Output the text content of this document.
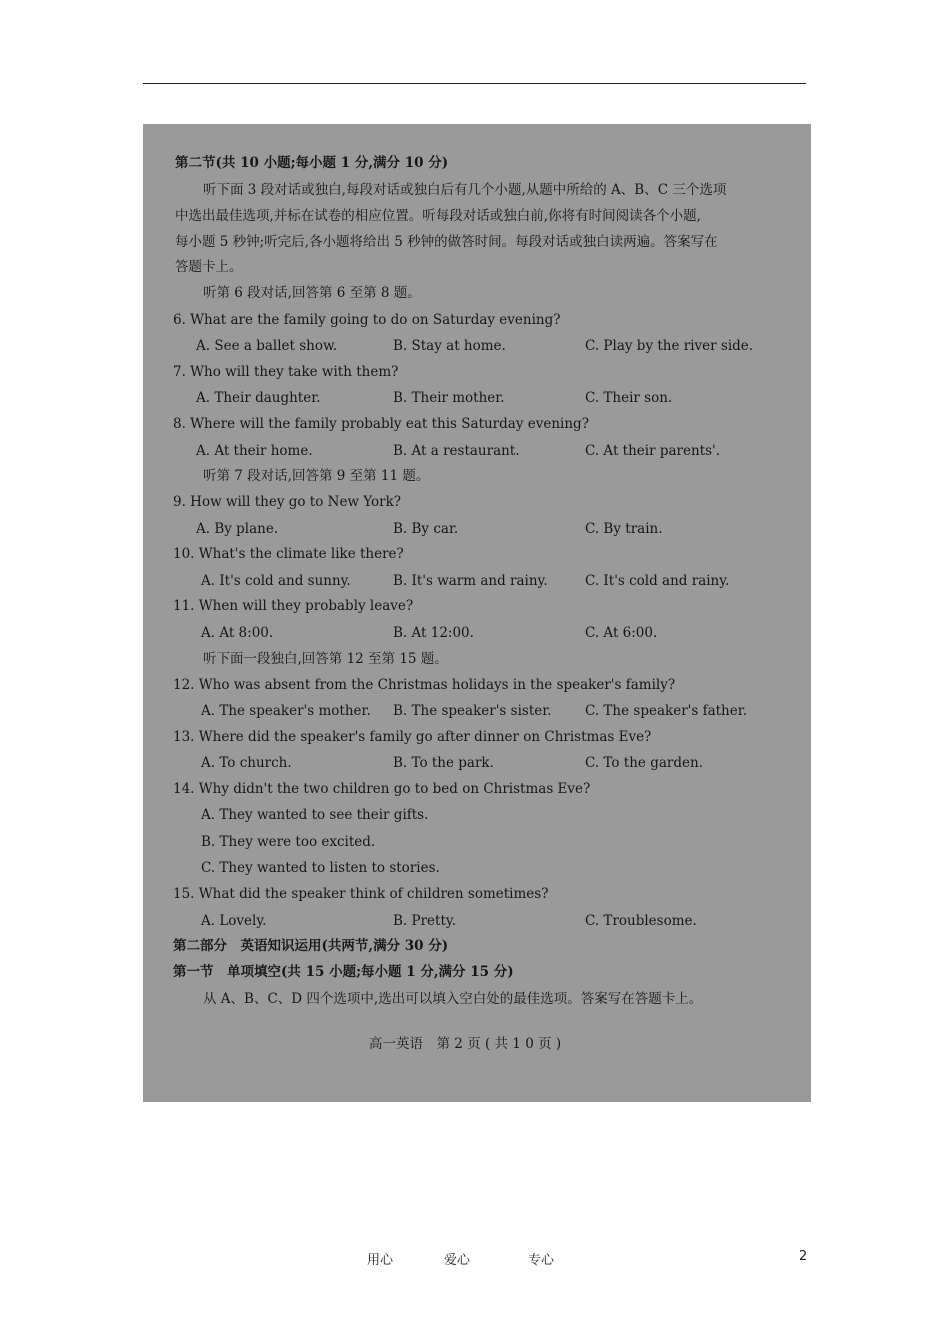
第二节(共 10 小题;每小题 1 分,满分 10 分)
听下面 3 段对话或独白,每段对话或独白后有几个小题,从题中所给的 A、B、C 三个选项
中选出最佳选项,并标在试卷的相应位置。听每段对话或独白前,你将有时间阅读各个小题,
每小题 5 秒钟;听完后,各小题将给出 5 秒钟的做答时间。每段对话或独白读两遍。答案写在
答题卡上。
听第 6 段对话,回答第 6 至第 8 题。
6. What are the family going to do on Saturday evening?
A. See a ballet show.	B. Stay at home.	C. Play by the river side.
7. Who will they take with them?
A. Their daughter.	B. Their mother.	C. Their son.
8. Where will the family probably eat this Saturday evening?
A. At their home.	B. At a restaurant.	C. At their parents'.
听第 7 段对话,回答第 9 至第 11 题。
9. How will they go to New York?
A. By plane.	B. By car.	C. By train.
10. What's the climate like there?
A. It's cold and sunny.	B. It's warm and rainy.	C. It's cold and rainy.
11. When will they probably leave?
A. At 8:00.	B. At 12:00.	C. At 6:00.
听下面一段独白,回答第 12 至第 15 题。
12. Who was absent from the Christmas holidays in the speaker's family?
A. The speaker's mother. B. The speaker's sister. C. The speaker's father.
13. Where did the speaker's family go after dinner on Christmas Eve?
A. To church.	B. To the park.	C. To the garden.
14. Why didn't the two children go to bed on Christmas Eve?
A. They wanted to see their gifts.
B. They were too excited.
C. They wanted to listen to stories.
15. What did the speaker think of children sometimes?
A. Lovely.	B. Pretty.	C. Troublesome.
第二部分　英语知识运用(共两节,满分 30 分)
第一节　单项填空(共 15 小题;每小题 1 分,满分 15 分)
从 A、B、C、D 四个选项中,选出可以填入空白处的最佳选项。答案写在答题卡上。
高一英语　第 2 页 ( 共 1 0 页 )
用心	爱心	专心	2
